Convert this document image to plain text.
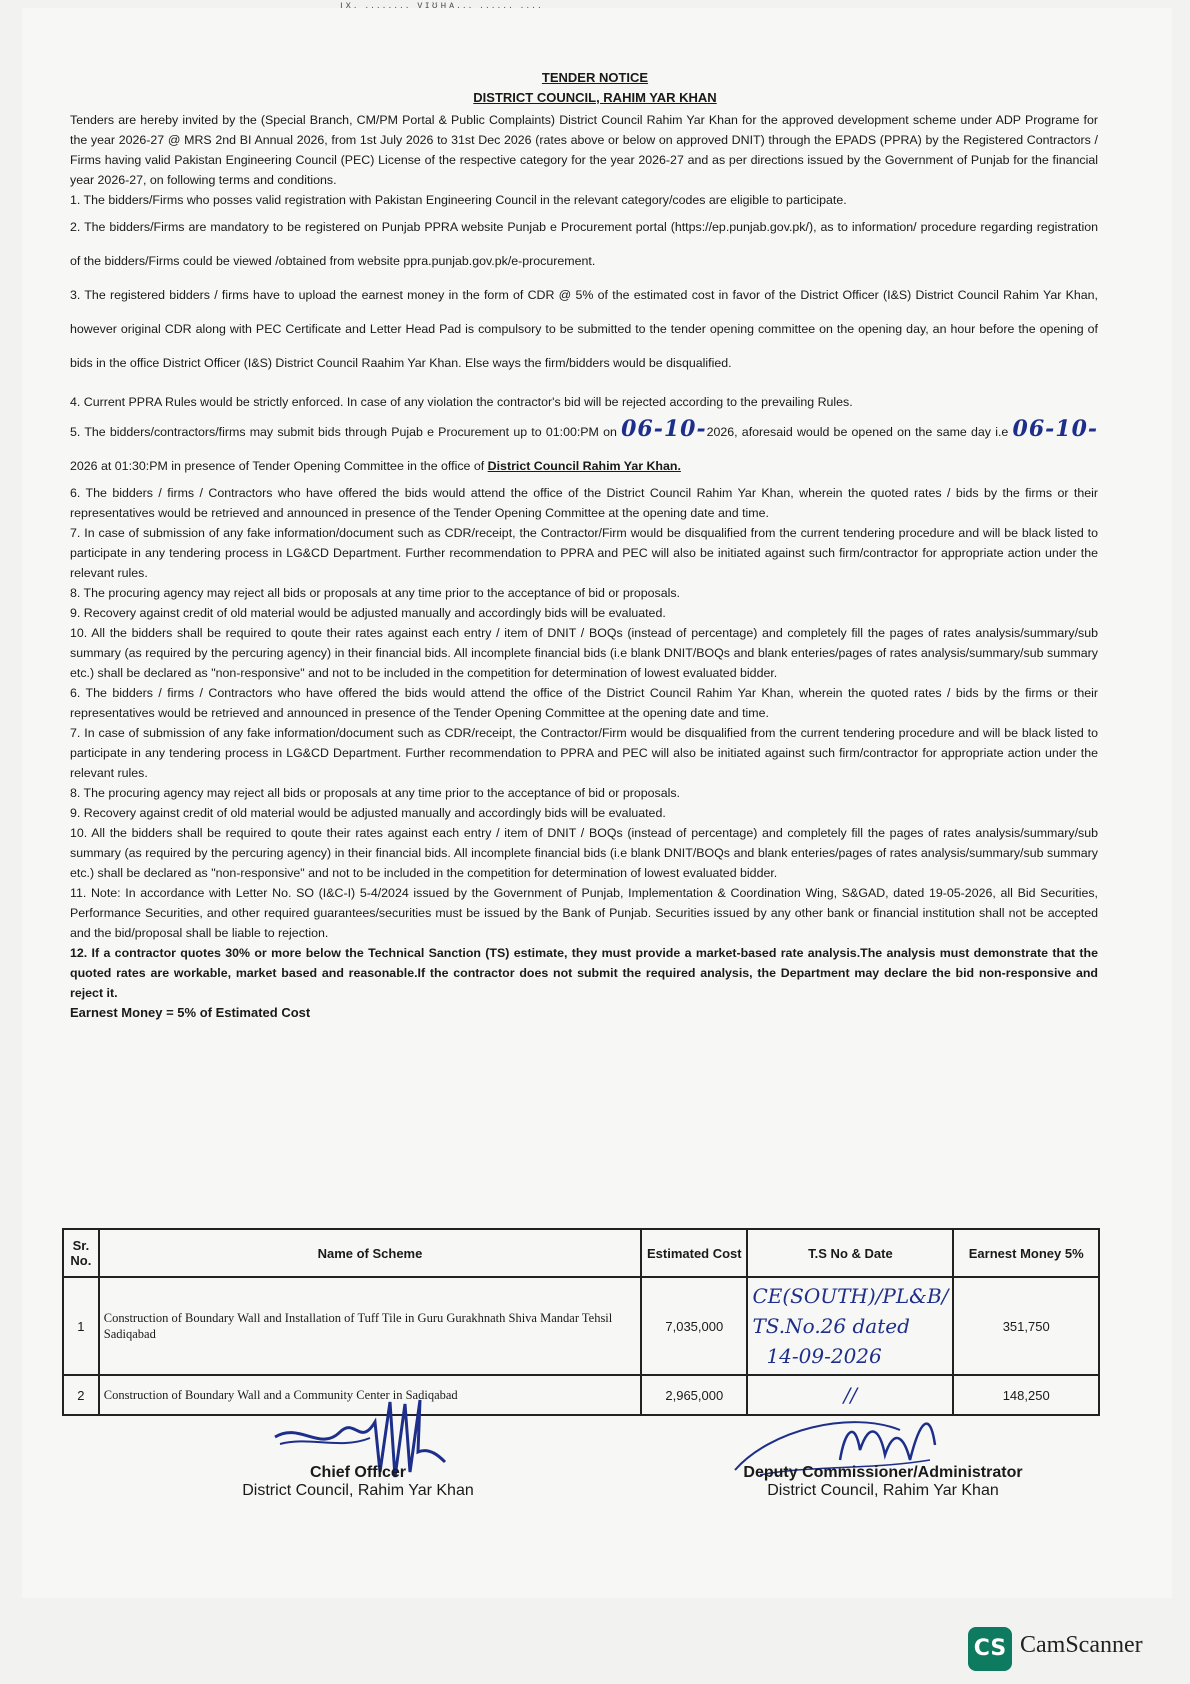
ıx. ........ vɪʊʜᴀ... ...... ....
TENDER NOTICE
DISTRICT COUNCIL, RAHIM YAR KHAN

Tenders are hereby invited by the (Special Branch, CM/PM Portal & Public Complaints) District Council Rahim Yar Khan for the approved development scheme under ADP Programe for the year 2026-27 @ MRS 2nd BI Annual 2026, from 1st July 2026 to 31st Dec 2026 (rates above or below on approved DNIT) through the EPADS (PPRA) by the Registered Contractors / Firms having valid Pakistan Engineering Council (PEC) License of the respective category for the year 2026-27 and as per directions issued by the Government of Punjab for the financial year 2026-27, on following terms and conditions.

1. The bidders/Firms who posses valid registration with Pakistan Engineering Council in the relevant category/codes are eligible to participate.

2. The bidders/Firms are mandatory to be registered on Punjab PPRA website Punjab e Procurement portal (https://ep.punjab.gov.pk/), as to information/ procedure regarding registration of the bidders/Firms could be viewed /obtained from website ppra.punjab.gov.pk/e-procurement.

3. The registered bidders / firms have to upload the earnest money in the form of CDR @ 5% of the estimated cost in favor of the District Officer (I&S) District Council Rahim Yar Khan, however original CDR along with PEC Certificate and Letter Head Pad is compulsory to be submitted to the tender opening committee on the opening day, an hour before the opening of bids in the office District Officer (I&S) District Council Raahim Yar Khan. Else ways the firm/bidders would be disqualified.

4. Current PPRA Rules would be strictly enforced. In case of any violation the contractor's bid will be rejected according to the prevailing Rules.

5. The bidders/contractors/firms may submit bids through Pujab e Procurement up to 01:00:PM on 06-10-2026, aforesaid would be opened on the same day i.e 06-10-2026 at 01:30:PM in presence of Tender Opening Committee in the office of District Council Rahim Yar Khan.

6. The bidders / firms / Contractors who have offered the bids would attend the office of the District Council Rahim Yar Khan, wherein the quoted rates / bids by the firms or their representatives would be retrieved and announced in presence of the Tender Opening Committee at the opening date and time.

7. In case of submission of any fake information/document such as CDR/receipt, the Contractor/Firm would be disqualified from the current tendering procedure and will be black listed to participate in any tendering process in LG&CD Department. Further recommendation to PPRA and PEC will also be initiated against such firm/contractor for appropriate action under the relevant rules.

8. The procuring agency may reject all bids or proposals at any time prior to the acceptance of bid or proposals.

9. Recovery against credit of old material would be adjusted manually and accordingly bids will be evaluated.

10. All the bidders shall be required to qoute their rates against each entry / item of DNIT / BOQs (instead of percentage) and completely fill the pages of rates analysis/summary/sub summary (as required by the percuring agency) in their financial bids. All incomplete financial bids (i.e blank DNIT/BOQs and blank enteries/pages of rates analysis/summary/sub summary etc.) shall be declared as "non-responsive" and not to be included in the competition for determination of lowest evaluated bidder.

6. The bidders / firms / Contractors who have offered the bids would attend the office of the District Council Rahim Yar Khan, wherein the quoted rates / bids by the firms or their representatives would be retrieved and announced in presence of the Tender Opening Committee at the opening date and time.

7. In case of submission of any fake information/document such as CDR/receipt, the Contractor/Firm would be disqualified from the current tendering procedure and will be black listed to participate in any tendering process in LG&CD Department. Further recommendation to PPRA and PEC will also be initiated against such firm/contractor for appropriate action under the relevant rules.

8. The procuring agency may reject all bids or proposals at any time prior to the acceptance of bid or proposals.

9. Recovery against credit of old material would be adjusted manually and accordingly bids will be evaluated.

10. All the bidders shall be required to qoute their rates against each entry / item of DNIT / BOQs (instead of percentage) and completely fill the pages of rates analysis/summary/sub summary (as required by the percuring agency) in their financial bids. All incomplete financial bids (i.e blank DNIT/BOQs and blank enteries/pages of rates analysis/summary/sub summary etc.) shall be declared as "non-responsive" and not to be included in the competition for determination of lowest evaluated bidder.

11. Note: In accordance with Letter No. SO (I&C-I) 5-4/2024 issued by the Government of Punjab, Implementation & Coordination Wing, S&GAD, dated 19-05-2026, all Bid Securities, Performance Securities, and other required guarantees/securities must be issued by the Bank of Punjab. Securities issued by any other bank or financial institution shall not be accepted and the bid/proposal shall be liable to rejection.

12. If a contractor quotes 30% or more below the Technical Sanction (TS) estimate, they must provide a market-based rate analysis.The analysis must demonstrate that the quoted rates are workable, market based and reasonable.If the contractor does not submit the required analysis, the Department may declare the bid non-responsive and reject it.

Earnest Money = 5% of Estimated Cost

Sr. No.	Name of Scheme	Estimated Cost	T.S No & Date	Earnest Money 5%
1	Construction of Boundary Wall and Installation of Tuff Tile in Guru Gurakhnath Shiva Mandar Tehsil Sadiqabad	7,035,000	CE(SOUTH)/PL&B/
TS.No.26 dated
14-09-2026	351,750
2	Construction of Boundary Wall and a Community Center in Sadiqabad	2,965,000	//	148,250
Chief Officer
District Council, Rahim Yar Khan
Deputy Commissioner/Administrator
District Council, Rahim Yar Khan
CS CamScanner
